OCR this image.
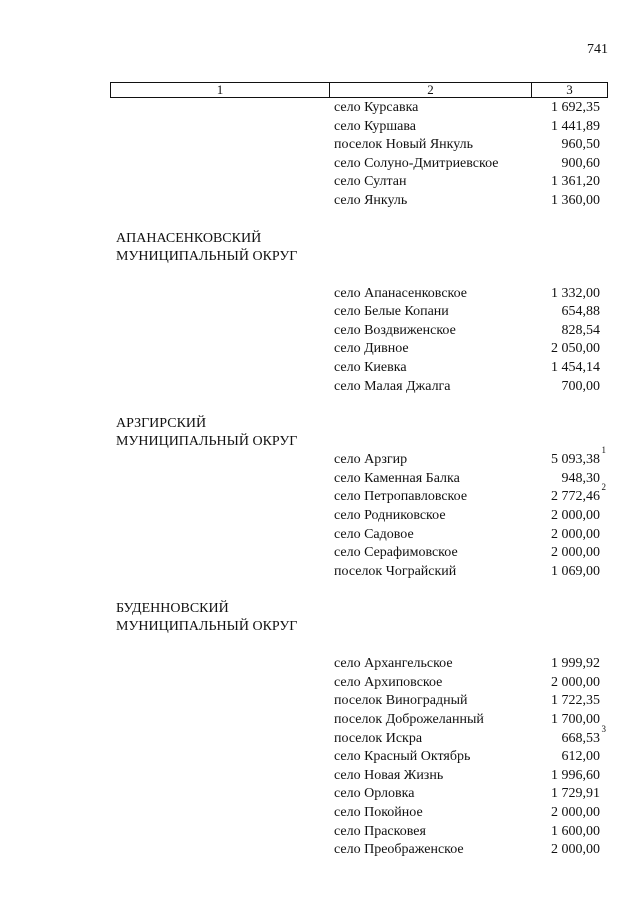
741
1	2	3
село Курсавка	1 692,35
село Куршава	1 441,89
поселок Новый Янкуль	960,50
село Солуно-Дмитриевское	900,60
село Султан	1 361,20
село Янкуль	1 360,00
АПАНАСЕНКОВСКИЙ
МУНИЦИПАЛЬНЫЙ ОКРУГ
село Апанасенковское	1 332,00
село Белые Копани	654,88
село Воздвиженское	828,54
село Дивное	2 050,00
село Киевка	1 454,14
село Малая Джалга	700,00
АРЗГИРСКИЙ
МУНИЦИПАЛЬНЫЙ ОКРУГ
село Арзгир	5 093,38
1
село Каменная Балка	948,30
село Петропавловское	2 772,46
2
село Родниковское	2 000,00
село Садовое	2 000,00
село Серафимовское	2 000,00
поселок Чограйский	1 069,00
БУДЕННОВСКИЙ
МУНИЦИПАЛЬНЫЙ ОКРУГ
село Архангельское	1 999,92
село Архиповское	2 000,00
поселок Виноградный	1 722,35
поселок Доброжеланный	1 700,00
поселок Искра	668,53
3
село Красный Октябрь	612,00
село Новая Жизнь	1 996,60
село Орловка	1 729,91
село Покойное	2 000,00
село Прасковея	1 600,00
село Преображенское	2 000,00
